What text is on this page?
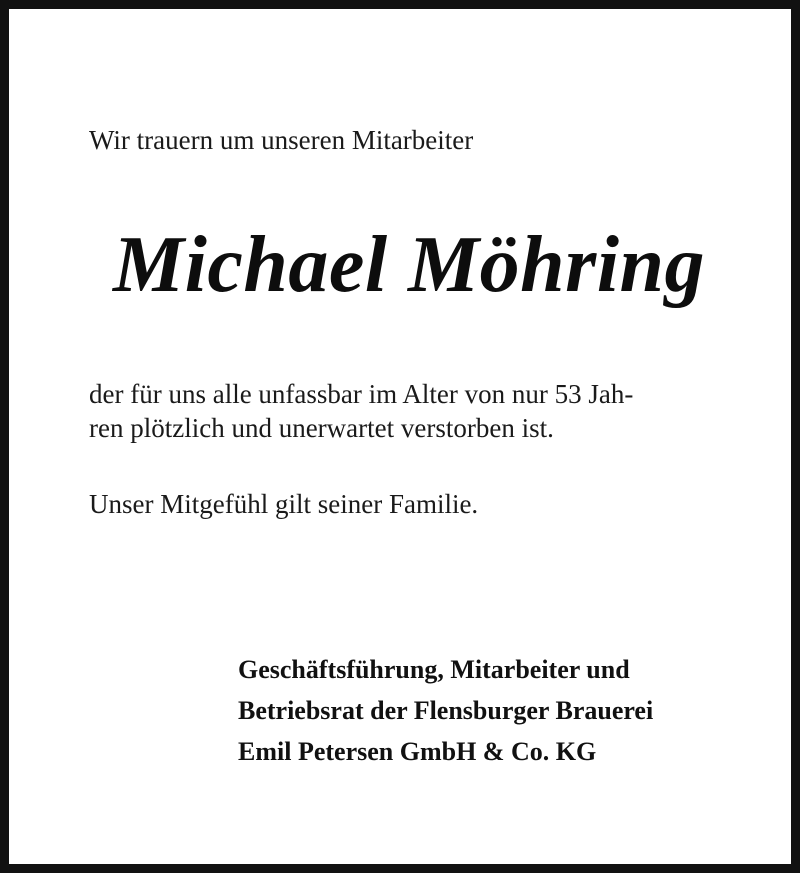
Wir trauern um unseren Mitarbeiter

Michael Möhring

der für uns alle unfassbar im Alter von nur 53 Jah-

ren plötzlich und unerwartet verstorben ist.

Unser Mitgefühl gilt seiner Familie.

Geschäftsführung, Mitarbeiter und

Betriebsrat der Flensburger Brauerei

Emil Petersen GmbH & Co. KG
